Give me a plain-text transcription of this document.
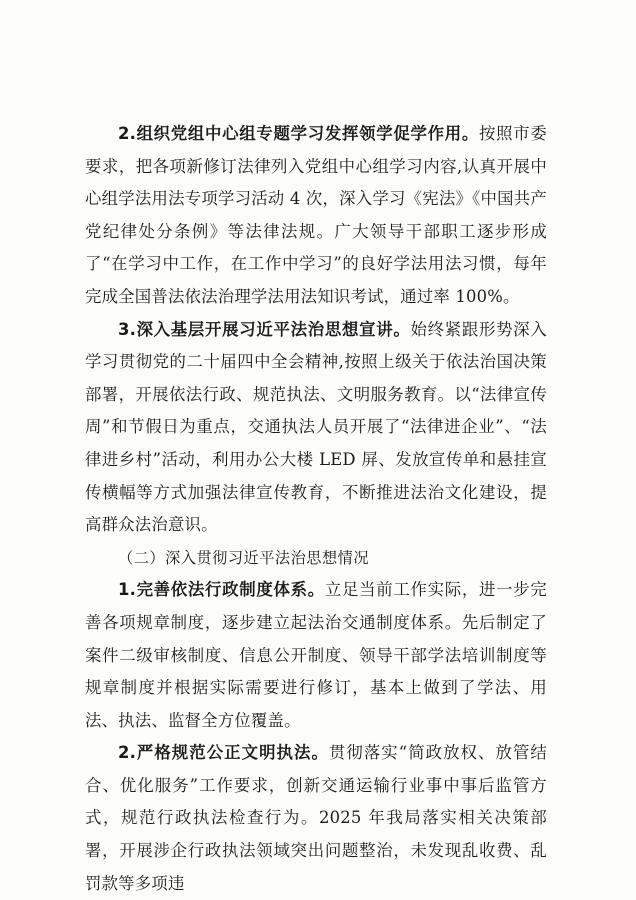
2.组织党组中心组专题学习发挥领学促学作用。按照市委要求，把各项新修订法律列入党组中心组学习内容,认真开展中心组学法用法专项学习活动 4 次，深入学习《宪法》《中国共产党纪律处分条例》等法律法规。广大领导干部职工逐步形成了“在学习中工作，在工作中学习”的良好学法用法习惯，每年完成全国普法依法治理学法用法知识考试，通过率 100%。

3.深入基层开展习近平法治思想宣讲。始终紧跟形势深入学习贯彻党的二十届四中全会精神,按照上级关于依法治国决策部署，开展依法行政、规范执法、文明服务教育。以“法律宣传周”和节假日为重点，交通执法人员开展了“法律进企业”、“法律进乡村”活动，利用办公大楼 LED 屏、发放宣传单和悬挂宣传横幅等方式加强法律宣传教育，不断推进法治文化建设，提高群众法治意识。

（二）深入贯彻习近平法治思想情况

1.完善依法行政制度体系。立足当前工作实际，进一步完善各项规章制度，逐步建立起法治交通制度体系。先后制定了案件二级审核制度、信息公开制度、领导干部学法培训制度等规章制度并根据实际需要进行修订，基本上做到了学法、用法、执法、监督全方位覆盖。

2.严格规范公正文明执法。贯彻落实“简政放权、放管结合、优化服务”工作要求，创新交通运输行业事中事后监管方式，规范行政执法检查行为。2025 年我局落实相关决策部署，开展涉企行政执法领域突出问题整治，未发现乱收费、乱罚款等多项违
